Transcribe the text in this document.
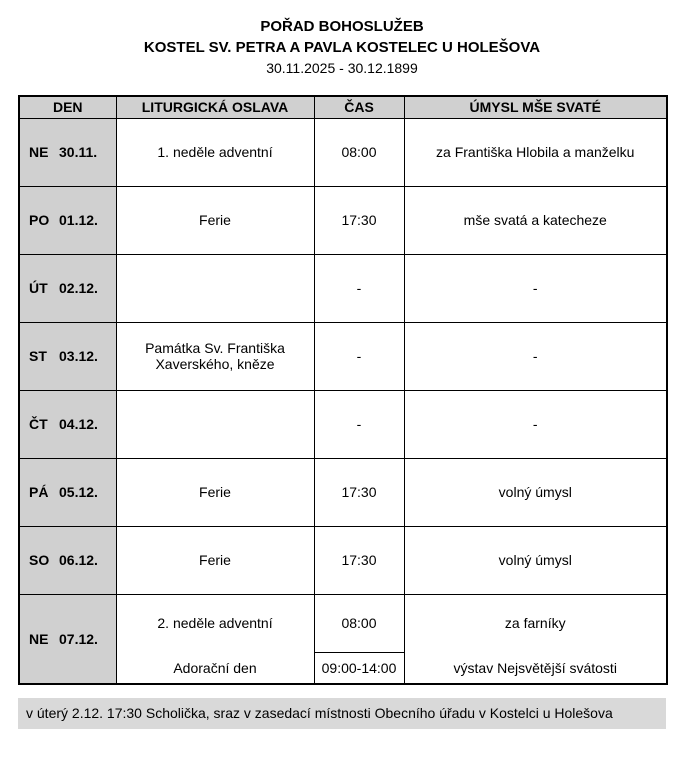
POŘAD BOHOSLUŽEB
KOSTEL SV. PETRA A PAVLA KOSTELEC U HOLEŠOVA
30.11.2025 - 30.12.1899
DEN	LITURGICKÁ OSLAVA	ČAS	ÚMYSL MŠE SVATÉ
NE 30.11.	1. neděle adventní	08:00	za Františka Hlobila a manželku
PO 01.12.	Ferie	17:30	mše svatá a katecheze
ÚT 02.12.		-	-
ST 03.12.	Památka Sv. Františka Xaverského, kněze	-	-
ČT 04.12.		-	-
PÁ 05.12.	Ferie	17:30	volný úmysl
SO 06.12.	Ferie	17:30	volný úmysl
NE 07.12.	2. neděle adventní	08:00	za farníky
	Adorační den	09:00-14:00	výstav Nejsvětější svátosti
v úterý 2.12. 17:30 Scholička, sraz v zasedací místnosti Obecního úřadu v Kostelci u Holešova
